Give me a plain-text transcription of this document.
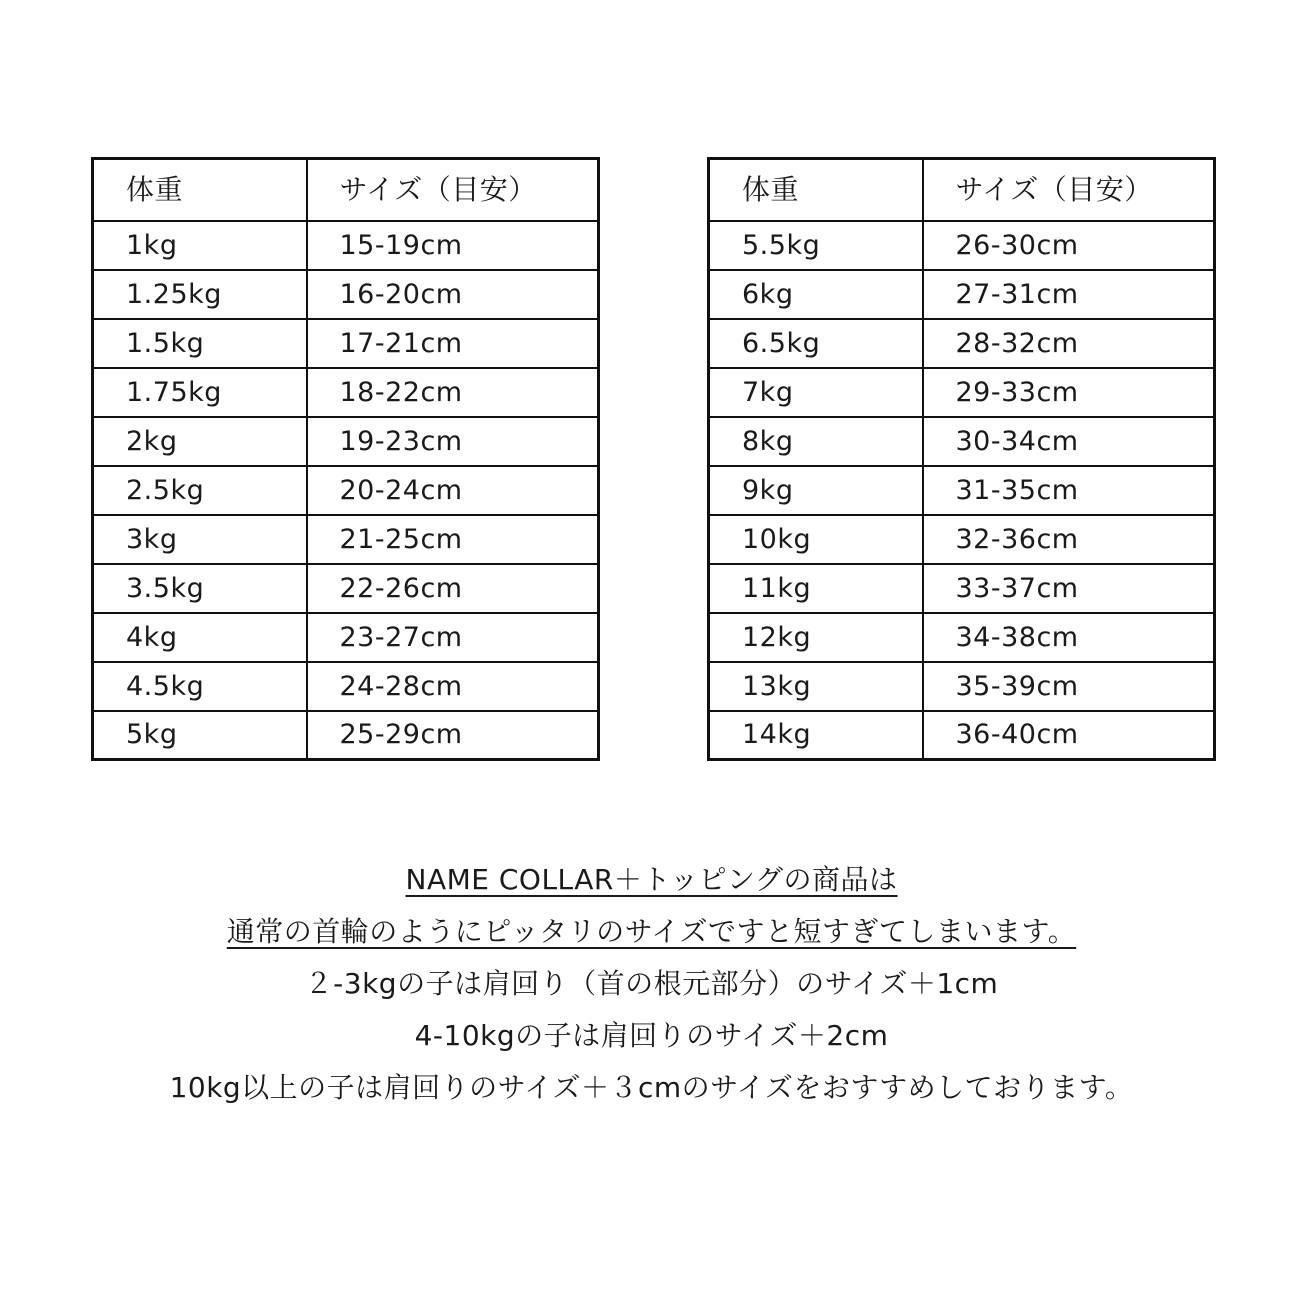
体重	サイズ（目安）
1kg	15-19cm
1.25kg	16-20cm
1.5kg	17-21cm
1.75kg	18-22cm
2kg	19-23cm
2.5kg	20-24cm
3kg	21-25cm
3.5kg	22-26cm
4kg	23-27cm
4.5kg	24-28cm
5kg	25-29cm
体重	サイズ（目安）
5.5kg	26-30cm
6kg	27-31cm
6.5kg	28-32cm
7kg	29-33cm
8kg	30-34cm
9kg	31-35cm
10kg	32-36cm
11kg	33-37cm
12kg	34-38cm
13kg	35-39cm
14kg	36-40cm
NAME COLLAR＋トッピングの商品は
通常の首輪のようにピッタリのサイズですと短すぎてしまいます。
２-3kgの子は肩回り（首の根元部分）のサイズ＋1cm
4-10kgの子は肩回りのサイズ＋2cm
10kg以上の子は肩回りのサイズ＋３cmのサイズをおすすめしております。
